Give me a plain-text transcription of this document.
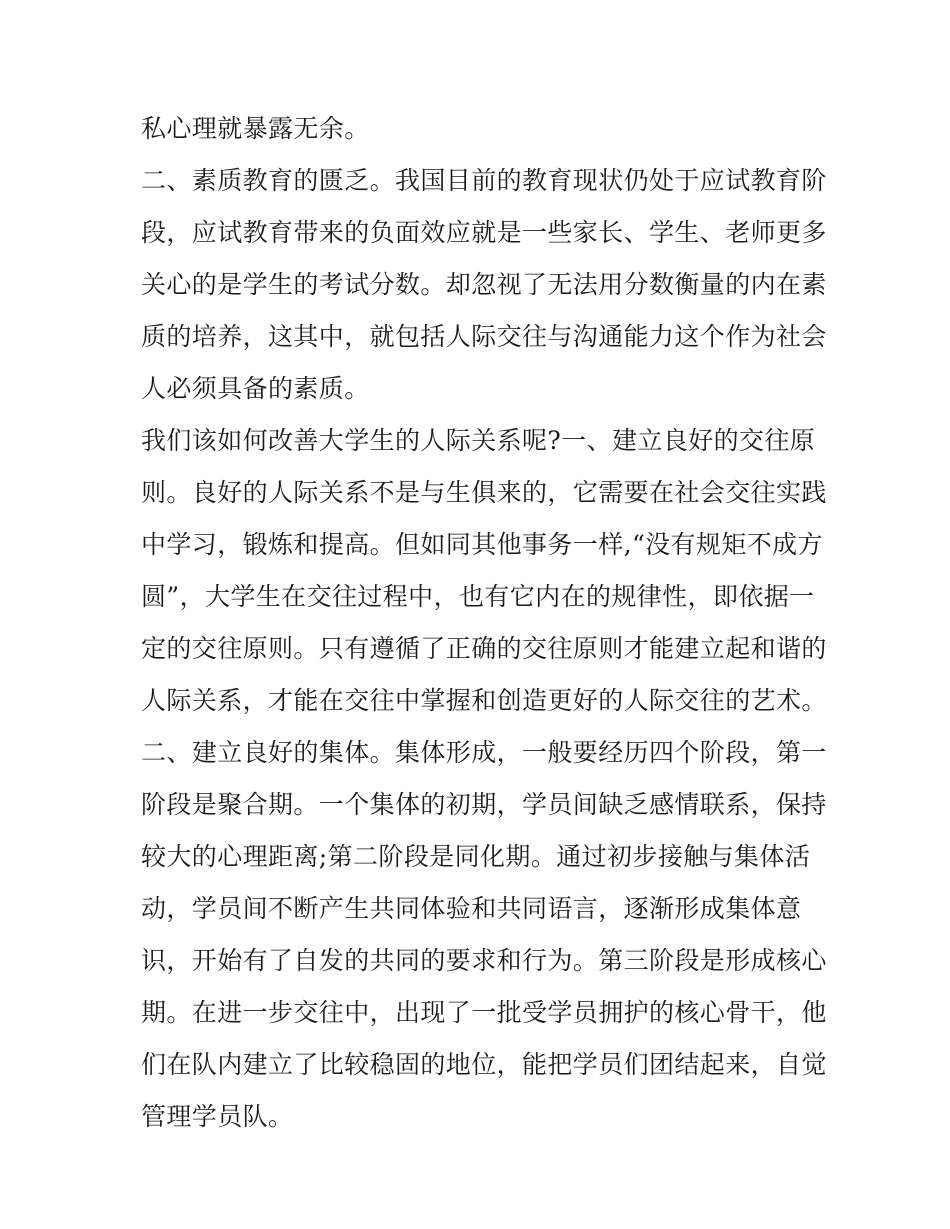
私心理就暴露无余。
二、素质教育的匮乏。我国目前的教育现状仍处于应试教育阶
段，应试教育带来的负面效应就是一些家长、学生、老师更多
关心的是学生的考试分数。却忽视了无法用分数衡量的内在素
质的培养，这其中，就包括人际交往与沟通能力这个作为社会
人必须具备的素质。
我们该如何改善大学生的人际关系呢?一、建立良好的交往原
则。良好的人际关系不是与生俱来的，它需要在社会交往实践
中学习，锻炼和提高。但如同其他事务一样,“没有规矩不成方
圆”，大学生在交往过程中，也有它内在的规律性，即依据一
定的交往原则。只有遵循了正确的交往原则才能建立起和谐的
人际关系，才能在交往中掌握和创造更好的人际交往的艺术。
二、建立良好的集体。集体形成，一般要经历四个阶段，第一
阶段是聚合期。一个集体的初期，学员间缺乏感情联系，保持
较大的心理距离;第二阶段是同化期。通过初步接触与集体活
动，学员间不断产生共同体验和共同语言，逐渐形成集体意
识，开始有了自发的共同的要求和行为。第三阶段是形成核心
期。在进一步交往中，出现了一批受学员拥护的核心骨干，他
们在队内建立了比较稳固的地位，能把学员们团结起来，自觉
管理学员队。
